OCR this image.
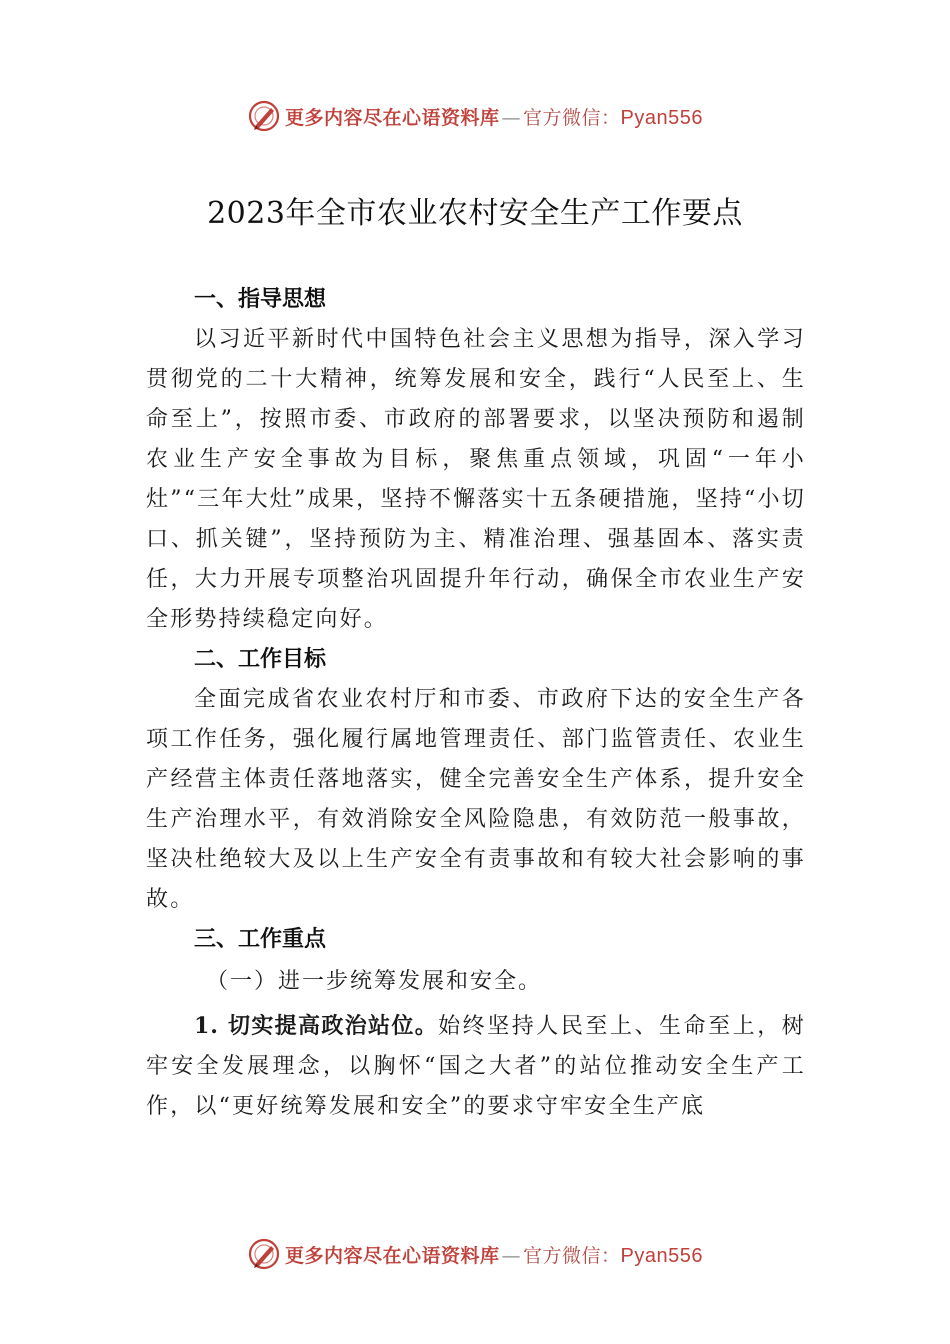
更多内容尽在心语资料库 — 官方微信：Pyan556
2023年全市农业农村安全生产工作要点
一、指导思想

以习近平新时代中国特色社会主义思想为指导，深入学习贯彻党的二十大精神，统筹发展和安全，践行“人民至上、生命至上”，按照市委、市政府的部署要求，以坚决预防和遏制农业生产安全事故为目标，聚焦重点领域，巩固“一年小灶”“三年大灶”成果，坚持不懈落实十五条硬措施，坚持“小切口、抓关键”，坚持预防为主、精准治理、强基固本、落实责任，大力开展专项整治巩固提升年行动，确保全市农业生产安全形势持续稳定向好。

二、工作目标

全面完成省农业农村厅和市委、市政府下达的安全生产各项工作任务，强化履行属地管理责任、部门监管责任、农业生产经营主体责任落地落实，健全完善安全生产体系，提升安全生产治理水平，有效消除安全风险隐患，有效防范一般事故，坚决杜绝较大及以上生产安全有责事故和有较大社会影响的事故。

三、工作重点

（一）进一步统筹发展和安全。

1. 切实提高政治站位。始终坚持人民至上、生命至上，树牢安全发展理念，以胸怀“国之大者”的站位推动安全生产工作，以“更好统筹发展和安全”的要求守牢安全生产底

更多内容尽在心语资料库 — 官方微信：Pyan556
